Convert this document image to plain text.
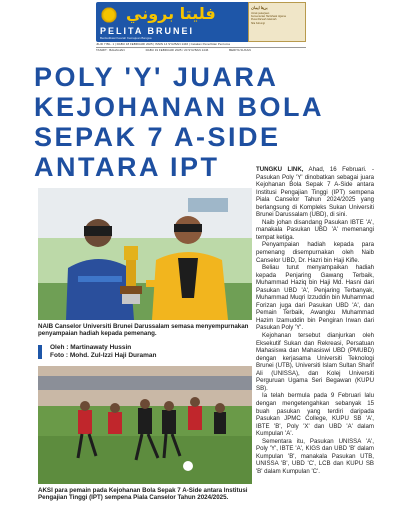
فليتا بروني
PELITA BRUNEI
Berdedikasi Kearah Kemajuan Bangsa
بريتا ايمان
Untuk pekerjaan
Kementerian Hal Ehwal Ugama
Pusat Da'wah Islamiah
Sila hubungi
JILID 7 BIL. 1 | RABU 18 FEBRUARI 2025 | ISNIN 14 SYA'BAN 1446 | Cetakan Penerbitan Percuma
TASMIT : BAHAGIAN	RABU 19 FEBRUARI 2025 / 20 SYA'BAN 1446	BERITA SUKAN
POLY 'Y' JUARA KEJOHANAN BOLA SEPAK 7 A-SIDE ANTARA IPT

NAIB Canselor Universiti Brunei Darussalam semasa menyempurnakan penyampaian hadiah kepada pemenang.

Oleh : Martinawaty Hussin
Foto : Mohd. Zul-Izzi Haji Duraman

AKSI para pemain pada Kejohanan Bola Sepak 7 A-Side antara Institusi Pengajian Tinggi (IPT) sempena Piala Canselor Tahun 2024/2025.

TUNGKU LINK, Ahad, 16 Februari. - Pasukan Poly 'Y' dinobatkan sebagai juara Kejohanan Bola Sepak 7 A-Side antara Institusi Pengajian Tinggi (IPT) sempena Piala Canselor Tahun 2024/2025 yang berlangsung di Kompleks Sukan Universiti Brunei Darussalam (UBD), di sini.

Naib johan disandang Pasukan IBTE 'A', manakala Pasukan UBD 'A' memenangi tempat ketiga.

Penyampaian hadiah kepada para pemenang disempurnakan oleh Naib Canselor UBD, Dr. Hazri bin Haji Kifle.

Beliau turut menyampaikan hadiah kepada Penjaring Gawang Terbaik, Muhammad Haziq bin Haji Md. Hasni dari Pasukan UBD 'A', Penjaring Terbanyak, Muhammad Muqri Izzuddin bin Muhammad Forizan juga dari Pasukan UBD 'A', dan Pemain Terbaik, Awangku Muhammad Hazim Izamuddin bin Pengiran Irwan dari Pasukan Poly 'Y'.

Kejohanan tersebut dianjurkan oleh Eksekutif Sukan dan Rekreasi, Persatuan Mahasiswa dan Mahasiswi UBD (PMUBD) dengan kerjasama Universiti Teknologi Brunei (UTB), Universiti Islam Sultan Sharif Ali (UNISSA), dan Kolej Universiti Perguruan Ugama Seri Begawan (KUPU SB).

Ia telah bermula pada 9 Februari lalu dengan mengetengahkan sebanyak 15 buah pasukan yang terdiri daripada Pasukan JPMC College, KUPU SB 'A', IBTE 'B', Poly 'X' dan UBD 'A' dalam Kumpulan 'A'.

Sementara itu, Pasukan UNISSA 'A', Poly 'Y', IBTE 'A', KIGS dan UBD 'B' dalam Kumpulan 'B', manakala Pasukan UTB, UNISSA 'B', UBD 'C', LCB dan KUPU SB 'B' dalam Kumpulan 'C'.
